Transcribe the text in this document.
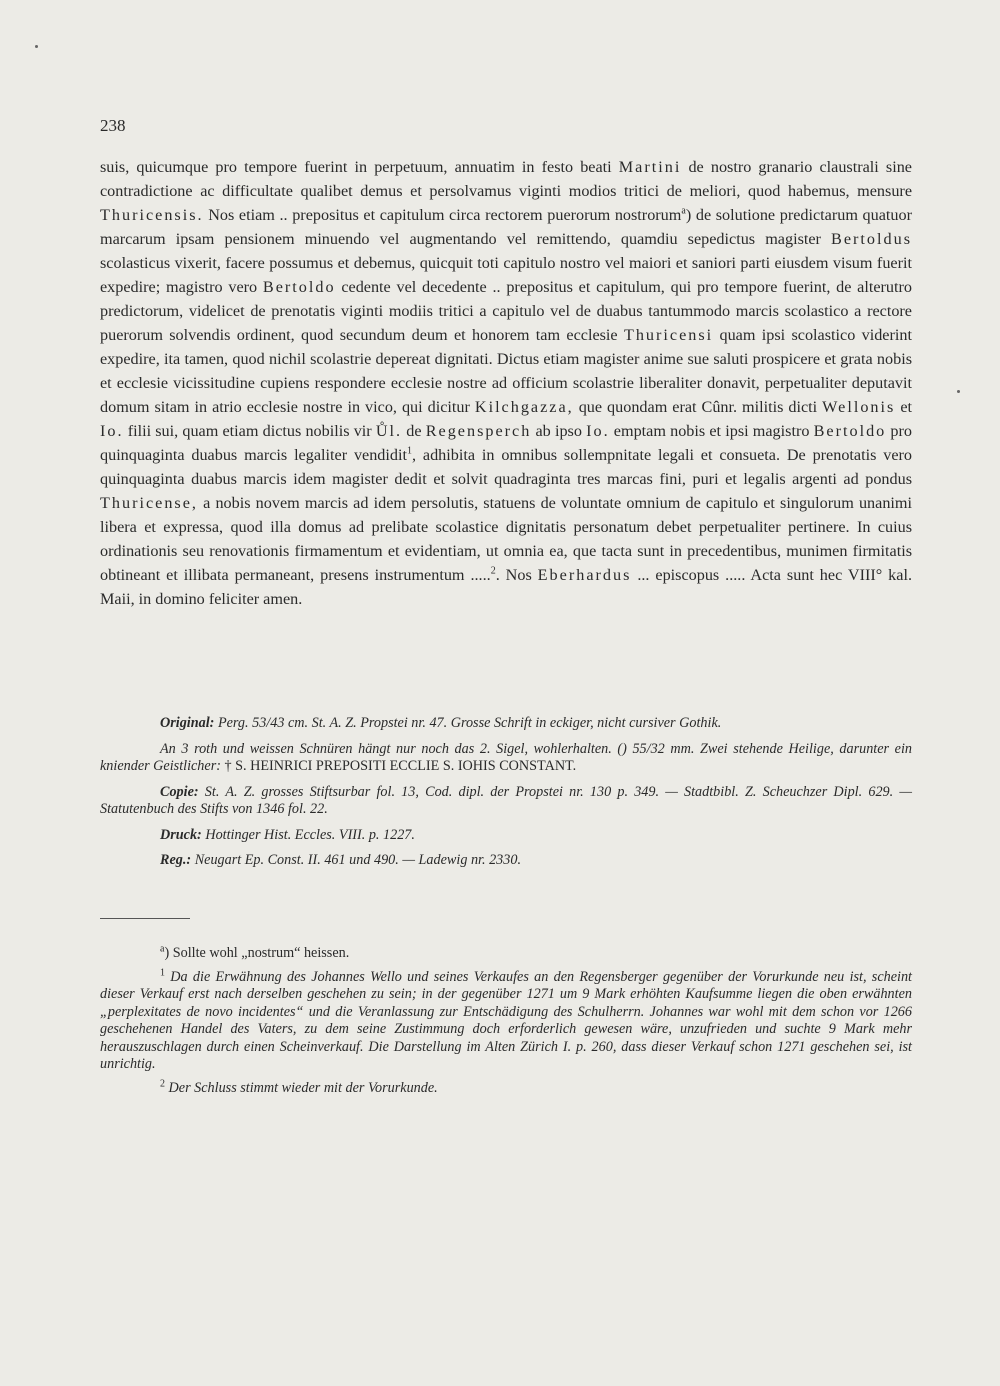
238

suis, quicumque pro tempore fuerint in perpetuum, annuatim in festo beati Martini de nostro granario claustrali sine contradictione ac difficultate qualibet demus et persolvamus viginti modios tritici de meliori, quod habemus, mensure Thuricensis. Nos etiam .. prepositus et capitulum circa rectorem puerorum nostrorum$^a$) de solutione predictarum quatuor marcarum ipsam pensionem minuendo vel augmentando vel remittendo, quamdiu sepedictus magister Bertoldus scolasticus vixerit, facere possumus et debemus, quicquit toti capitulo nostro vel maiori et saniori parti eiusdem visum fuerit expedire; magistro vero Bertoldo cedente vel decedente .. prepositus et capitulum, qui pro tempore fuerint, de alterutro predictorum, videlicet de prenotatis viginti modiis tritici a capitulo vel de duabus tantummodo marcis scolastico a rectore puerorum solvendis ordinent, quod secundum deum et honorem tam ecclesie Thuricensi quam ipsi scolastico viderint expedire, ita tamen, quod nichil scolastrie depereat dignitati. Dictus etiam magister anime sue saluti prospicere et grata nobis et ecclesie vicissitudine cupiens respondere ecclesie nostre ad officium scolastrie liberaliter donavit, perpetualiter deputavit domum sitam in atrio ecclesie nostre in vico, qui dicitur Kilchgazza, que quondam erat Cûnr. militis dicti Wellonis et Io. filii sui, quam etiam dictus nobilis vir Ůl. de Regensperch ab ipso Io. emptam nobis et ipsi magistro Bertoldo pro quinquaginta duabus marcis legaliter vendidit$^1$, adhibita in omnibus sollempnitate legali et consueta. De prenotatis vero quinquaginta duabus marcis idem magister dedit et solvit quadraginta tres marcas fini, puri et legalis argenti ad pondus Thuricense, a nobis novem marcis ad idem persolutis, statuens de voluntate omnium de capitulo et singulorum unanimi libera et expressa, quod illa domus ad prelibate scolastice dignitatis personatum debet perpetualiter pertinere. In cuius ordinationis seu renovationis firmamentum et evidentiam, ut omnia ea, que tacta sunt in precedentibus, munimen firmitatis obtineant et illibata permaneant, presens instrumentum .....$^2$. Nos Eberhardus ... episcopus ..... Acta sunt hec VIII° kal. Maii, in domino feliciter amen.

Original: Perg. 53/43 cm. St. A. Z. Propstei nr. 47. Grosse Schrift in eckiger, nicht cursiver Gothik.

An 3 roth und weissen Schnüren hängt nur noch das 2. Sigel, wohlerhalten. () 55/32 mm. Zwei stehende Heilige, darunter ein kniender Geistlicher: † S. HEINRICI PREPOSITI ECCLIE S. IOHIS CONSTANT.

Copie: St. A. Z. grosses Stiftsurbar fol. 13, Cod. dipl. der Propstei nr. 130 p. 349. — Stadtbibl. Z. Scheuchzer Dipl. 629. — Statutenbuch des Stifts von 1346 fol. 22.

Druck: Hottinger Hist. Eccles. VIII. p. 1227.

Reg.: Neugart Ep. Const. II. 461 und 490. — Ladewig nr. 2330.

$^a$) Sollte wohl „nostrum“ heissen.

$^1$ Da die Erwähnung des Johannes Wello und seines Verkaufes an den Regensberger gegenüber der Vorurkunde neu ist, scheint dieser Verkauf erst nach derselben geschehen zu sein; in der gegenüber 1271 um 9 Mark erhöhten Kaufsumme liegen die oben erwähnten „perplexitates de novo incidentes“ und die Veranlassung zur Entschädigung des Schulherrn. Johannes war wohl mit dem schon vor 1266 geschehenen Handel des Vaters, zu dem seine Zustimmung doch erforderlich gewesen wäre, unzufrieden und suchte 9 Mark mehr herauszuschlagen durch einen Scheinverkauf. Die Darstellung im Alten Zürich I. p. 260, dass dieser Verkauf schon 1271 geschehen sei, ist unrichtig.

$^2$ Der Schluss stimmt wieder mit der Vorurkunde.
